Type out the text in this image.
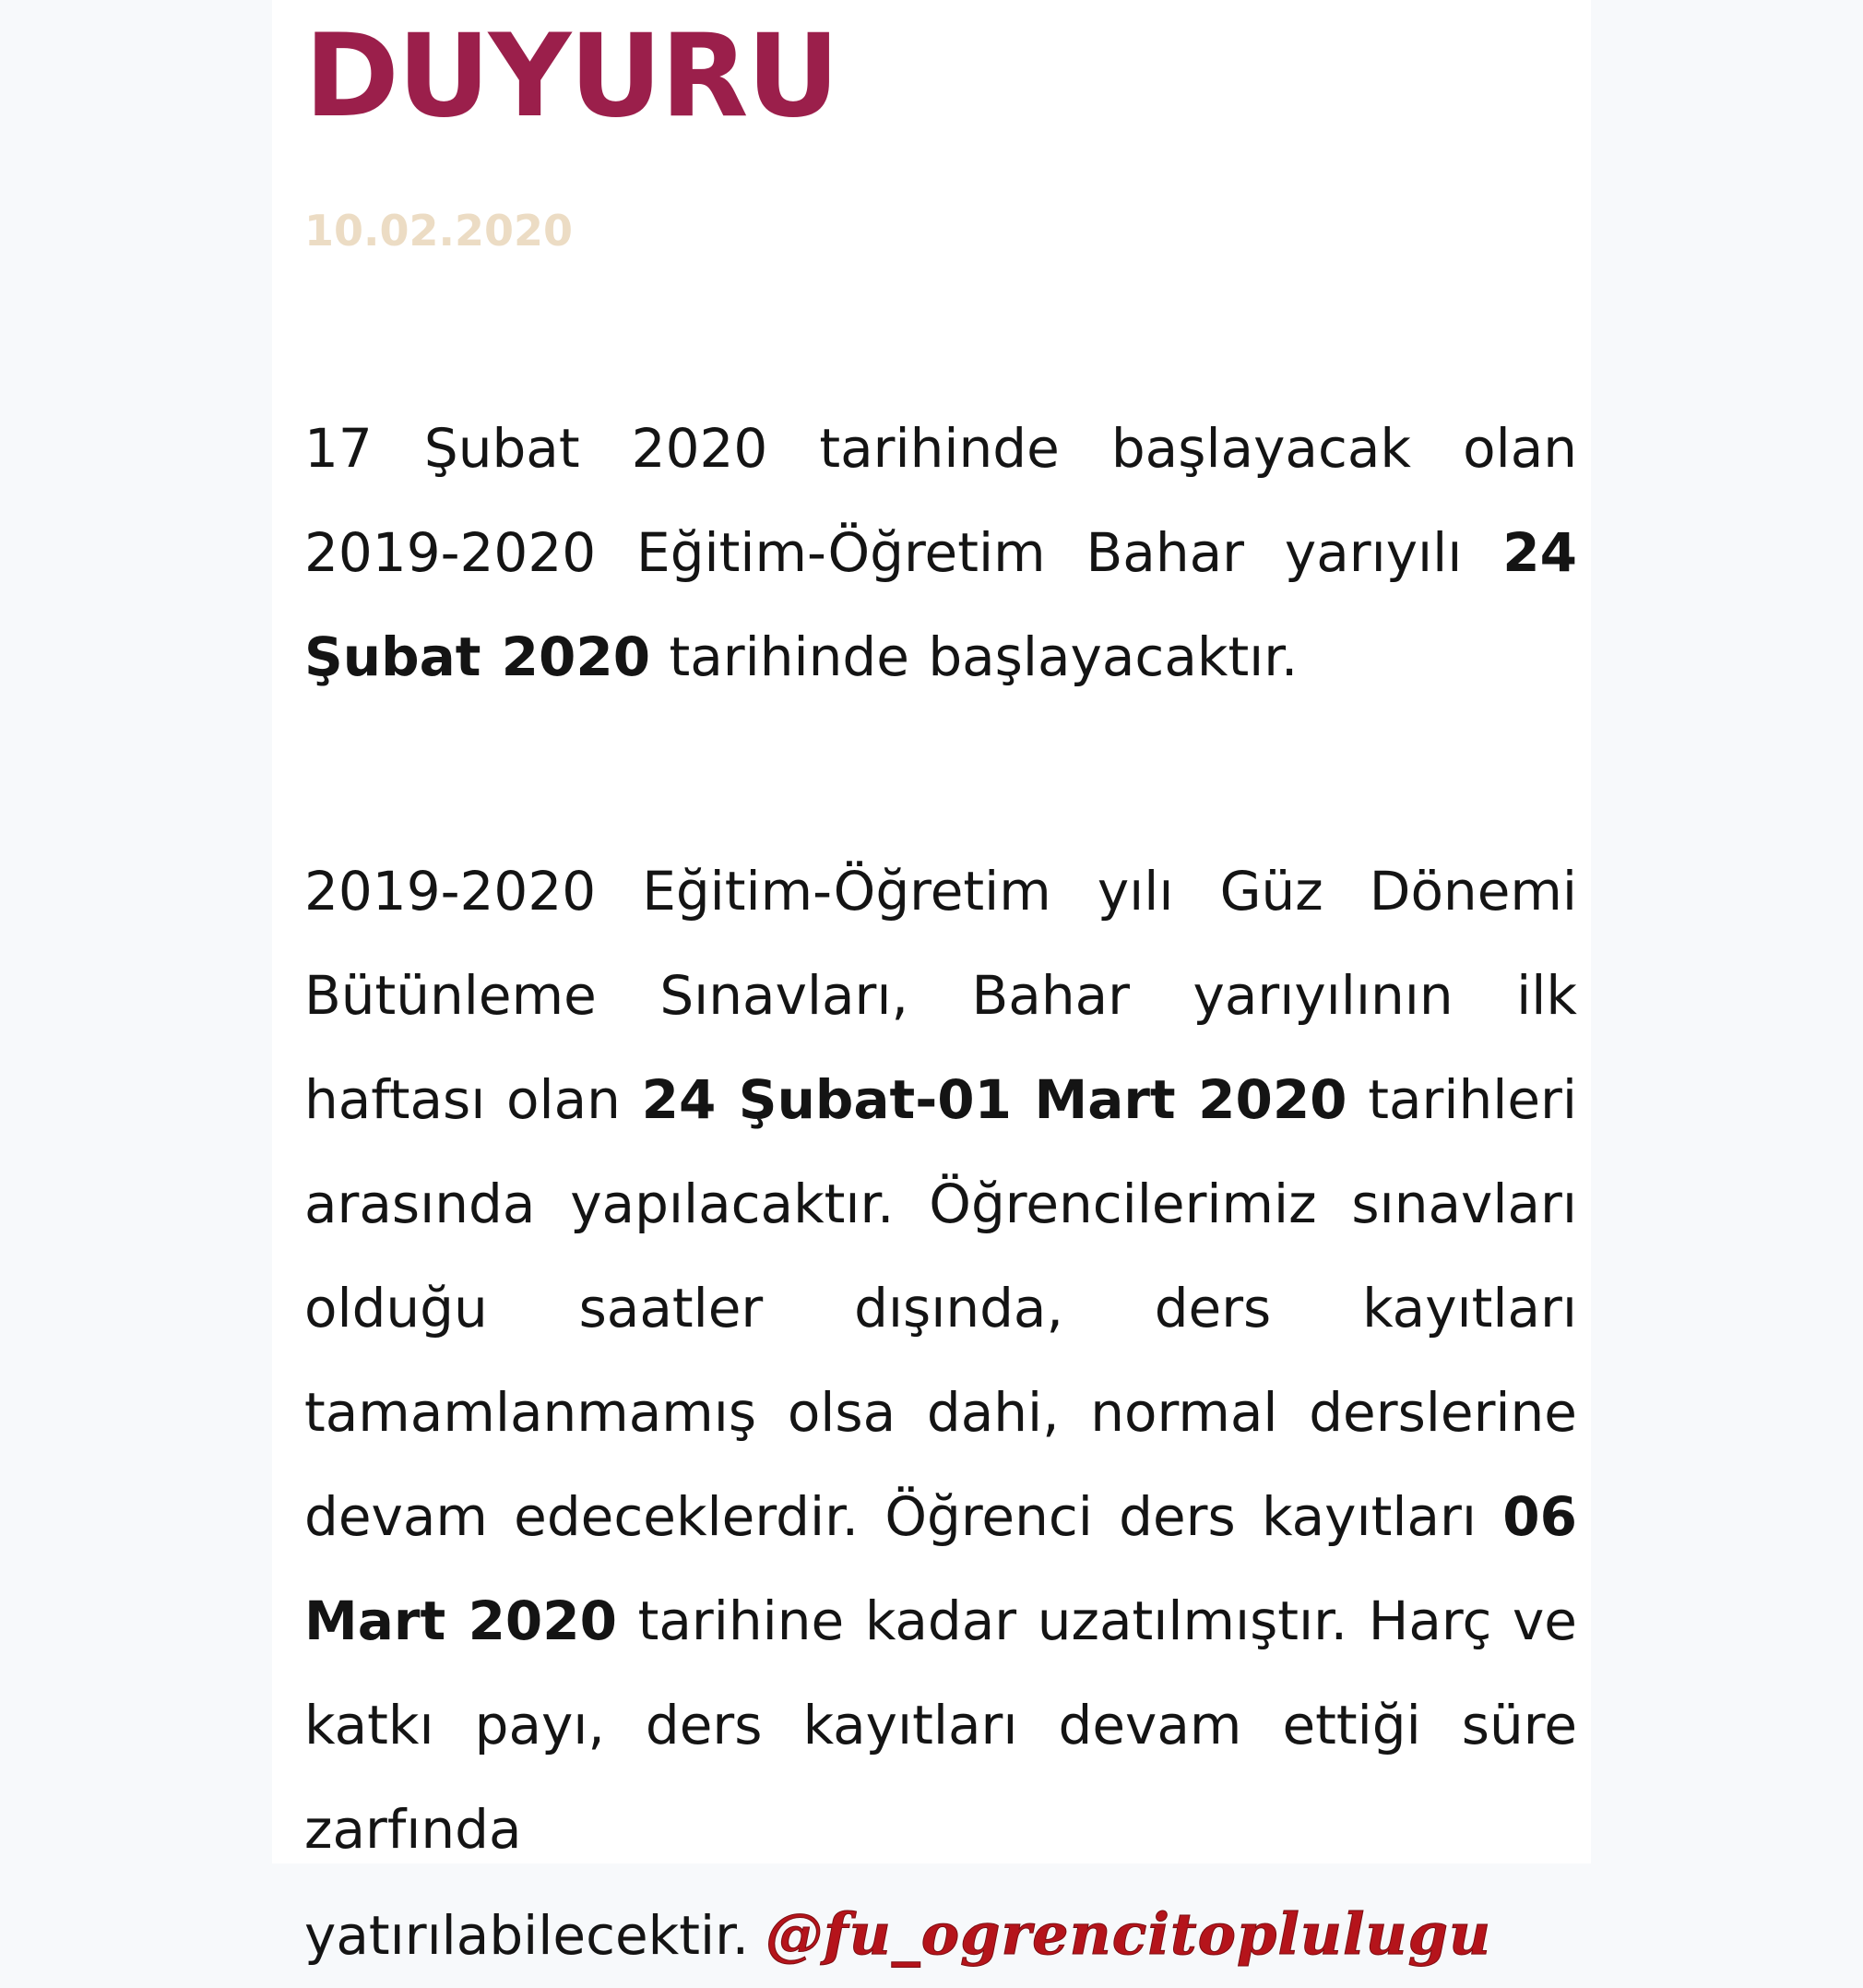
DUYURU
10.02.2020

17 Şubat 2020 tarihinde başlayacak olan 2019-2020 Eğitim-Öğretim Bahar yarıyılı 24 Şubat 2020 tarihinde başlayacaktır.

2019-2020 Eğitim-Öğretim yılı Güz Dönemi Bütünleme Sınavları, Bahar yarıyılının ilk haftası olan 24 Şubat-01 Mart 2020 tarihleri arasında yapılacaktır. Öğrencilerimiz sınavları olduğu saatler dışında, ders kayıtları tamamlanmamış olsa dahi, normal derslerine devam edeceklerdir. Öğrenci ders kayıtları 06 Mart 2020 tarihine kadar uzatılmıştır. Harç ve katkı payı, ders kayıtları devam ettiği süre zarfında yatırılabilecektir. @fu_ogrencitoplulugu
